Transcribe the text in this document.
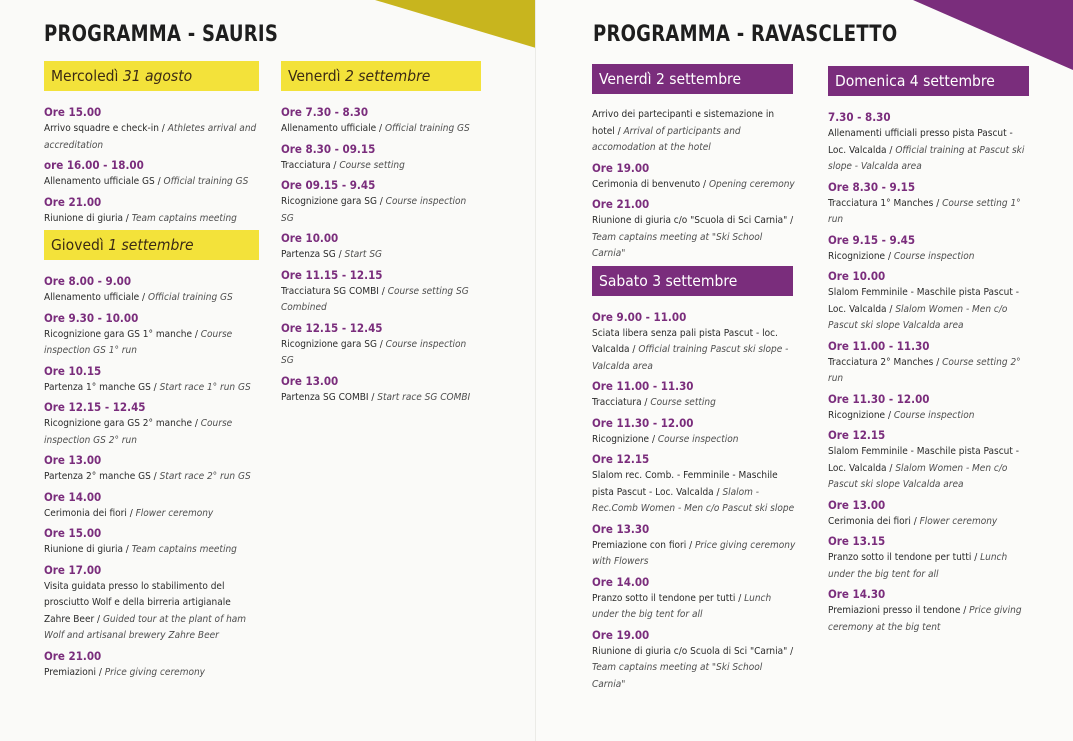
PROGRAMMA - SAURIS
Mercoledì 31 agosto
Ore 15.00
Arrivo squadre e check-in / Athletes arrival and accreditation
ore 16.00 - 18.00
Allenamento ufficiale GS / Official training GS
Ore 21.00
Riunione di giuria / Team captains meeting
Giovedì 1 settembre
Ore 8.00 - 9.00
Allenamento ufficiale / Official training GS
Ore 9.30 - 10.00
Ricognizione gara GS 1° manche / Course inspection GS 1° run
Ore 10.15
Partenza 1° manche GS / Start race 1° run GS
Ore 12.15 - 12.45
Ricognizione gara GS 2° manche / Course inspection GS 2° run
Ore 13.00
Partenza 2° manche GS / Start race 2° run GS
Ore 14.00
Cerimonia dei fiori / Flower ceremony
Ore 15.00
Riunione di giuria / Team captains meeting
Ore 17.00
Visita guidata presso lo stabilimento del prosciutto Wolf e della birreria artigianale Zahre Beer / Guided tour at the plant of ham Wolf and artisanal brewery Zahre Beer
Ore 21.00
Premiazioni / Price giving ceremony
Venerdì 2 settembre
Ore 7.30 - 8.30
Allenamento ufficiale / Official training GS
Ore 8.30 - 09.15
Tracciatura / Course setting
Ore 09.15 - 9.45
Ricognizione gara SG / Course inspection SG
Ore 10.00
Partenza SG / Start SG
Ore 11.15 - 12.15
Tracciatura SG COMBI / Course setting SG Combined
Ore 12.15 - 12.45
Ricognizione gara SG / Course inspection SG
Ore 13.00
Partenza SG COMBI / Start race SG COMBI
PROGRAMMA - RAVASCLETTO
Venerdì 2 settembre
Arrivo dei partecipanti e sistemazione in hotel / Arrival of participants and accomodation at the hotel
Ore 19.00
Cerimonia di benvenuto / Opening ceremony
Ore 21.00
Riunione di giuria c/o "Scuola di Sci Carnia" / Team captains meeting at "Ski School Carnia"
Sabato 3 settembre
Ore 9.00 - 11.00
Sciata libera senza pali pista Pascut - loc. Valcalda / Official training Pascut ski slope - Valcalda area
Ore 11.00 - 11.30
Tracciatura / Course setting
Ore 11.30 - 12.00
Ricognizione / Course inspection
Ore 12.15
Slalom rec. Comb. - Femminile - Maschile pista Pascut - Loc. Valcalda / Slalom -Rec.Comb Women - Men c/o Pascut ski slope
Ore 13.30
Premiazione con fiori / Price giving ceremony with Flowers
Ore 14.00
Pranzo sotto il tendone per tutti / Lunch under the big tent for all
Ore 19.00
Riunione di giuria c/o Scuola di Sci "Carnia" / Team captains meeting at "Ski School Carnia"
Domenica 4 settembre
7.30 - 8.30
Allenamenti ufficiali presso pista Pascut - Loc. Valcalda / Official training at Pascut ski slope - Valcalda area
Ore 8.30 - 9.15
Tracciatura 1° Manches / Course setting 1° run
Ore 9.15 - 9.45
Ricognizione / Course inspection
Ore 10.00
Slalom Femminile - Maschile pista Pascut - Loc. Valcalda / Slalom Women - Men c/o Pascut ski slope Valcalda area
Ore 11.00 - 11.30
Tracciatura 2° Manches / Course setting 2° run
Ore 11.30 - 12.00
Ricognizione / Course inspection
Ore 12.15
Slalom Femminile - Maschile pista Pascut - Loc. Valcalda / Slalom Women - Men c/o Pascut ski slope Valcalda area
Ore 13.00
Cerimonia dei fiori / Flower ceremony
Ore 13.15
Pranzo sotto il tendone per tutti / Lunch under the big tent for all
Ore 14.30
Premiazioni presso il tendone / Price giving ceremony at the big tent
